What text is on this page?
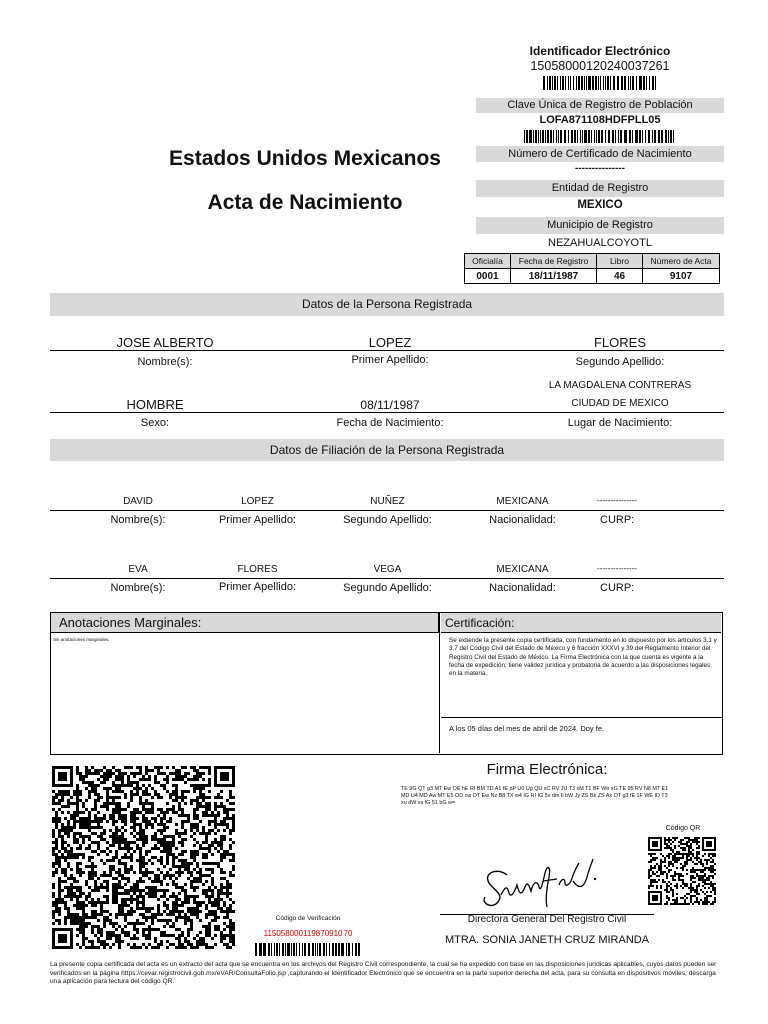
Identificador Electrónico
15058000120240037261
Clave Única de Registro de Población
LOFA871108HDFPLL05
Número de Certificado de Nacimiento
---------------
Estados Unidos Mexicanos
Acta de Nacimiento
Entidad de Registro
MEXICO
Municipio de Registro
NEZAHUALCOYOTL
Oficialía	Fecha de Registro	Libro	Número de Acta
0001	18/11/1987	46	9107
Datos de la Persona Registrada
JOSE ALBERTO	LOPEZ	FLORES
Nombre(s):	Primer Apellido:	Segundo Apellido:
LA MAGDALENA CONTRERAS
HOMBRE	08/11/1987	CIUDAD DE MEXICO
Sexo:	Fecha de Nacimiento:	Lugar de Nacimiento:
Datos de Filiación de la Persona Registrada
DAVID	LOPEZ	NUÑEZ	MEXICANA	---------------
Nombre(s):	Primer Apellido:	Segundo Apellido:	Nacionalidad:	CURP:
EVA	FLORES	VEGA	MEXICANA	---------------
Nombre(s):	Primer Apellido:	Segundo Apellido:	Nacionalidad:	CURP:
Anotaciones Marginales:
Sin anotaciones marginales.
Certificación:
Se extiende la presente copia certificada, con fundamento en lo dispuesto por los artículos 3.1 y 3.7 del Código Civil del Estado de México y 6 fracción XXXVI y 39 del Reglamento Interior del Registro Civil del Estado de México. La Firma Electrónica con la que cuenta es vigente a la fecha de expedición; tiene validez jurídica y probatoria de acuerdo a las disposiciones legales en la materia.
A los 05 días del mes de abril de 2024. Doy fe.
Código de Verificación
11505800011987091070
Firma Electrónica:
TE 9G QT g3 MT Ew OE hE RI BM TD A1 fE pP U0 Ug QU xC RV JU T3 xM T1 BF Wn xG TE 95 RV N8 MT E1 MD U4 MD Aw MT E5 OD cw OT Ew Nz B8 TX w4 IG RI IG 5v dm Il bW Jy ZS Bk ZS Ax OT g3 fE 1F WE ID T3 xu dW xs fG 51 bG w=
Código QR
Directora General Del Registro Civil
MTRA. SONIA JANETH CRUZ MIRANDA
La presente copia certificada del acta es un extracto del acta que se encuentra en los archivos del Registro Civil correspondiente, la cual se ha expedido con base en las disposiciones jurídicas aplicables, cuyos datos pueden ser verificados en la página https://cevar.registrocivil.gob.mx/eVAR/ConsultaFolio.jsp ,capturando el Identificador Electrónico que se encuentra en la parte superior derecha del acta, para su consulta en dispositivos móviles, descarga una aplicación para lectura del código QR.
